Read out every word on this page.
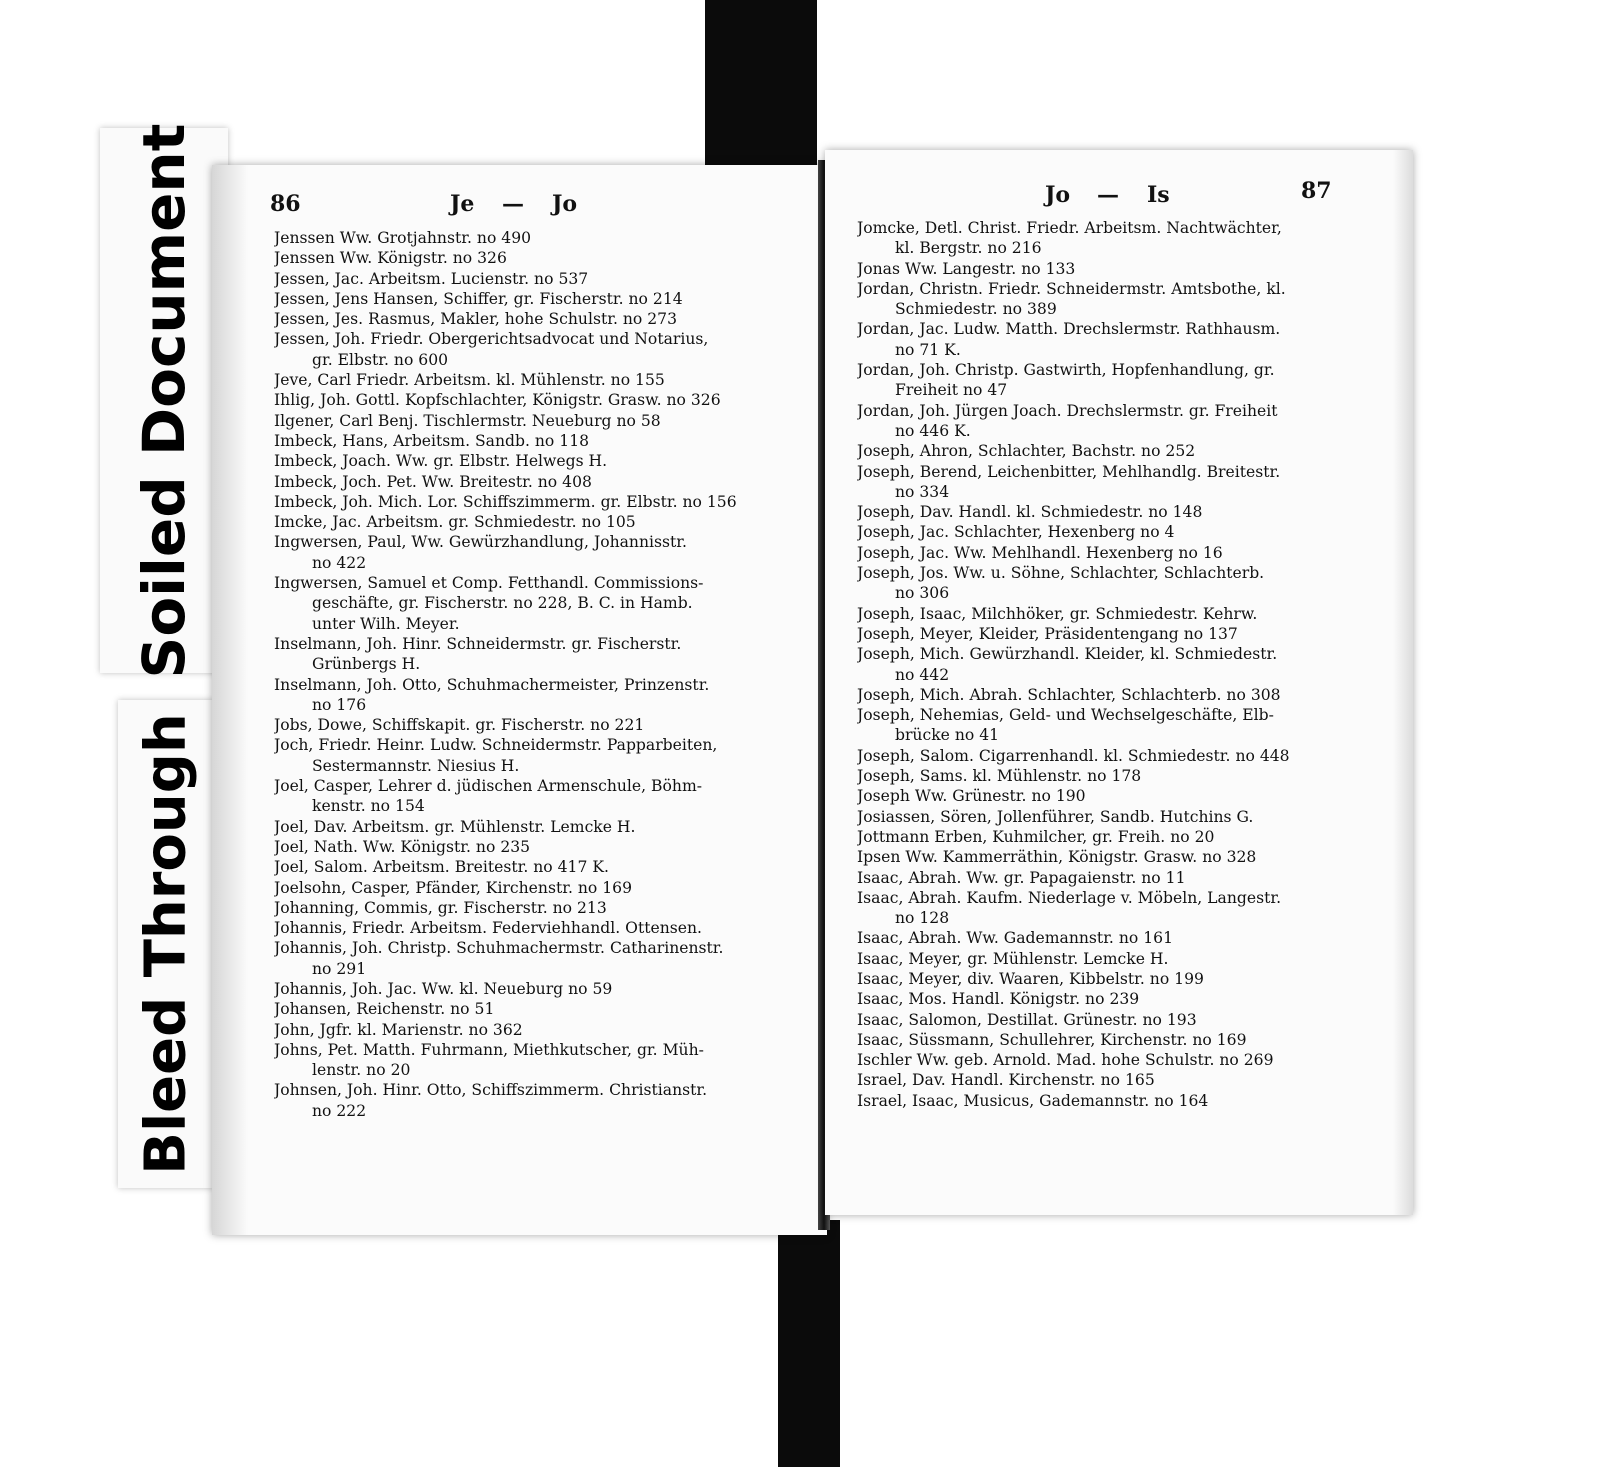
Soiled Document
Bleed Through
86	Je — Jo
Jenssen Ww. Grotjahnstr. no 490
Jenssen Ww. Königstr. no 326
Jessen, Jac. Arbeitsm. Lucienstr. no 537
Jessen, Jens Hansen, Schiffer, gr. Fischerstr. no 214
Jessen, Jes. Rasmus, Makler, hohe Schulstr. no 273
Jessen, Joh. Friedr. Obergerichtsadvocat und Notarius,
gr. Elbstr. no 600
Jeve, Carl Friedr. Arbeitsm. kl. Mühlenstr. no 155
Ihlig, Joh. Gottl. Kopfschlachter, Königstr. Grasw. no 326
Ilgener, Carl Benj. Tischlermstr. Neueburg no 58
Imbeck, Hans, Arbeitsm. Sandb. no 118
Imbeck, Joach. Ww. gr. Elbstr. Helwegs H.
Imbeck, Joch. Pet. Ww. Breitestr. no 408
Imbeck, Joh. Mich. Lor. Schiffszimmerm. gr. Elbstr. no 156
Imcke, Jac. Arbeitsm. gr. Schmiedestr. no 105
Ingwersen, Paul, Ww. Gewürzhandlung, Johannisstr.
no 422
Ingwersen, Samuel et Comp. Fetthandl. Commissions-
geschäfte, gr. Fischerstr. no 228, B. C. in Hamb.
unter Wilh. Meyer.
Inselmann, Joh. Hinr. Schneidermstr. gr. Fischerstr.
Grünbergs H.
Inselmann, Joh. Otto, Schuhmachermeister, Prinzenstr.
no 176
Jobs, Dowe, Schiffskapit. gr. Fischerstr. no 221
Joch, Friedr. Heinr. Ludw. Schneidermstr. Papparbeiten,
Sestermannstr. Niesius H.
Joel, Casper, Lehrer d. jüdischen Armenschule, Böhm-
kenstr. no 154
Joel, Dav. Arbeitsm. gr. Mühlenstr. Lemcke H.
Joel, Nath. Ww. Königstr. no 235
Joel, Salom. Arbeitsm. Breitestr. no 417 K.
Joelsohn, Casper, Pfänder, Kirchenstr. no 169
Johanning, Commis, gr. Fischerstr. no 213
Johannis, Friedr. Arbeitsm. Federviehhandl. Ottensen.
Johannis, Joh. Christp. Schuhmachermstr. Catharinenstr.
no 291
Johannis, Joh. Jac. Ww. kl. Neueburg no 59
Johansen, Reichenstr. no 51
John, Jgfr. kl. Marienstr. no 362
Johns, Pet. Matth. Fuhrmann, Miethkutscher, gr. Müh-
lenstr. no 20
Johnsen, Joh. Hinr. Otto, Schiffszimmerm. Christianstr.
no 222
Jo — Is	87
Jomcke, Detl. Christ. Friedr. Arbeitsm. Nachtwächter,
kl. Bergstr. no 216
Jonas Ww. Langestr. no 133
Jordan, Christn. Friedr. Schneidermstr. Amtsbothe, kl.
Schmiedestr. no 389
Jordan, Jac. Ludw. Matth. Drechslermstr. Rathhausm.
no 71 K.
Jordan, Joh. Christp. Gastwirth, Hopfenhandlung, gr.
Freiheit no 47
Jordan, Joh. Jürgen Joach. Drechslermstr. gr. Freiheit
no 446 K.
Joseph, Ahron, Schlachter, Bachstr. no 252
Joseph, Berend, Leichenbitter, Mehlhandlg. Breitestr.
no 334
Joseph, Dav. Handl. kl. Schmiedestr. no 148
Joseph, Jac. Schlachter, Hexenberg no 4
Joseph, Jac. Ww. Mehlhandl. Hexenberg no 16
Joseph, Jos. Ww. u. Söhne, Schlachter, Schlachterb.
no 306
Joseph, Isaac, Milchhöker, gr. Schmiedestr. Kehrw.
Joseph, Meyer, Kleider, Präsidentengang no 137
Joseph, Mich. Gewürzhandl. Kleider, kl. Schmiedestr.
no 442
Joseph, Mich. Abrah. Schlachter, Schlachterb. no 308
Joseph, Nehemias, Geld- und Wechselgeschäfte, Elb-
brücke no 41
Joseph, Salom. Cigarrenhandl. kl. Schmiedestr. no 448
Joseph, Sams. kl. Mühlenstr. no 178
Joseph Ww. Grünestr. no 190
Josiassen, Sören, Jollenführer, Sandb. Hutchins G.
Jottmann Erben, Kuhmilcher, gr. Freih. no 20
Ipsen Ww. Kammerräthin, Königstr. Grasw. no 328
Isaac, Abrah. Ww. gr. Papagaienstr. no 11
Isaac, Abrah. Kaufm. Niederlage v. Möbeln, Langestr.
no 128
Isaac, Abrah. Ww. Gademannstr. no 161
Isaac, Meyer, gr. Mühlenstr. Lemcke H.
Isaac, Meyer, div. Waaren, Kibbelstr. no 199
Isaac, Mos. Handl. Königstr. no 239
Isaac, Salomon, Destillat. Grünestr. no 193
Isaac, Süssmann, Schullehrer, Kirchenstr. no 169
Ischler Ww. geb. Arnold. Mad. hohe Schulstr. no 269
Israel, Dav. Handl. Kirchenstr. no 165
Israel, Isaac, Musicus, Gademannstr. no 164
